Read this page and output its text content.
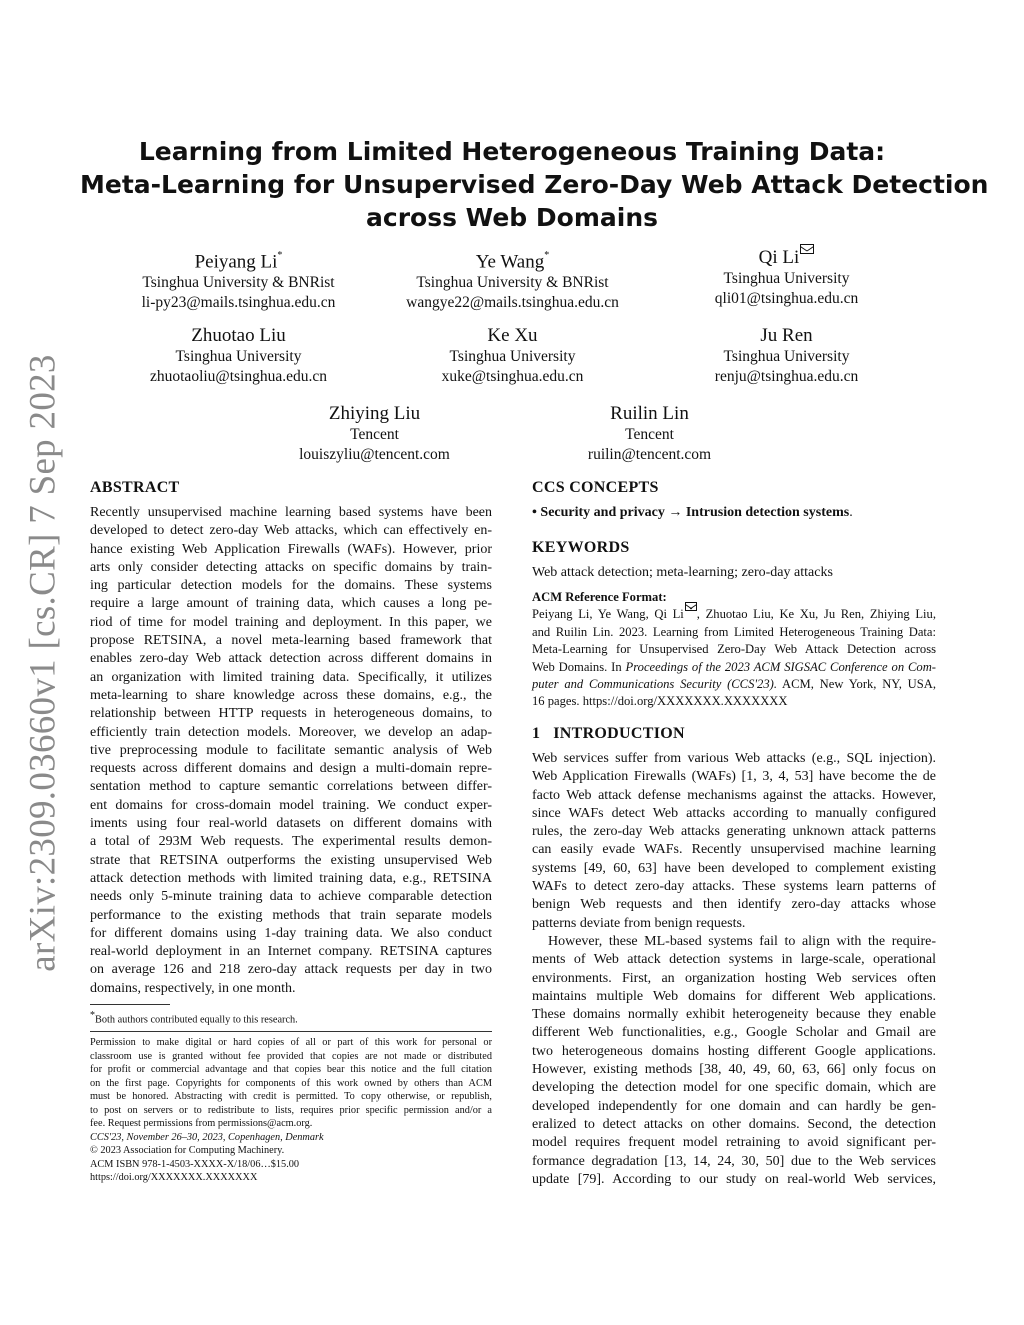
arXiv:2309.03660v1 [cs.CR] 7 Sep 2023
Learning from Limited Heterogeneous Training Data:
Meta-Learning for Unsupervised Zero-Day Web Attack Detection
across Web Domains
Peiyang Li*
Tsinghua University & BNRist
li-py23@mails.tsinghua.edu.cn
Ye Wang*
Tsinghua University & BNRist
wangye22@mails.tsinghua.edu.cn
Qi Li
Tsinghua University
qli01@tsinghua.edu.cn
Zhuotao Liu
Tsinghua University
zhuotaoliu@tsinghua.edu.cn
Ke Xu
Tsinghua University
xuke@tsinghua.edu.cn
Ju Ren
Tsinghua University
renju@tsinghua.edu.cn
Zhiying Liu
Tencent
louiszyliu@tencent.com
Ruilin Lin
Tencent
ruilin@tencent.com
ABSTRACT
Recently unsupervised machine learning based systems have been
developed to detect zero-day Web attacks, which can effectively en-
hance existing Web Application Firewalls (WAFs). However, prior
arts only consider detecting attacks on specific domains by train-
ing particular detection models for the domains. These systems
require a large amount of training data, which causes a long pe-
riod of time for model training and deployment. In this paper, we
propose RETSINA, a novel meta-learning based framework that
enables zero-day Web attack detection across different domains in
an organization with limited training data. Specifically, it utilizes
meta-learning to share knowledge across these domains, e.g., the
relationship between HTTP requests in heterogeneous domains, to
efficiently train detection models. Moreover, we develop an adap-
tive preprocessing module to facilitate semantic analysis of Web
requests across different domains and design a multi-domain repre-
sentation method to capture semantic correlations between differ-
ent domains for cross-domain model training. We conduct exper-
iments using four real-world datasets on different domains with
a total of 293M Web requests. The experimental results demon-
strate that RETSINA outperforms the existing unsupervised Web
attack detection methods with limited training data, e.g., RETSINA
needs only 5-minute training data to achieve comparable detection
performance to the existing methods that train separate models
for different domains using 1-day training data. We also conduct
real-world deployment in an Internet company. RETSINA captures
on average 126 and 218 zero-day attack requests per day in two
domains, respectively, in one month.
*Both authors contributed equally to this research.
Permission to make digital or hard copies of all or part of this work for personal or
classroom use is granted without fee provided that copies are not made or distributed
for profit or commercial advantage and that copies bear this notice and the full citation
on the first page. Copyrights for components of this work owned by others than ACM
must be honored. Abstracting with credit is permitted. To copy otherwise, or republish,
to post on servers or to redistribute to lists, requires prior specific permission and/or a
fee. Request permissions from permissions@acm.org.
CCS'23, November 26–30, 2023, Copenhagen, Denmark
© 2023 Association for Computing Machinery.
ACM ISBN 978-1-4503-XXXX-X/18/06…$15.00
https://doi.org/XXXXXXX.XXXXXXX
CCS CONCEPTS
• Security and privacy → Intrusion detection systems.
KEYWORDS
Web attack detection; meta-learning; zero-day attacks
ACM Reference Format:
Peiyang Li, Ye Wang, Qi Li , Zhuotao Liu, Ke Xu, Ju Ren, Zhiying Liu,
and Ruilin Lin. 2023. Learning from Limited Heterogeneous Training Data:
Meta-Learning for Unsupervised Zero-Day Web Attack Detection across
Web Domains. In Proceedings of the 2023 ACM SIGSAC Conference on Com-
puter and Communications Security (CCS'23). ACM, New York, NY, USA,
16 pages. https://doi.org/XXXXXXX.XXXXXXX
1 INTRODUCTION
Web services suffer from various Web attacks (e.g., SQL injection).
Web Application Firewalls (WAFs) [1, 3, 4, 53] have become the de
facto Web attack defense mechanisms against the attacks. However,
since WAFs detect Web attacks according to manually configured
rules, the zero-day Web attacks generating unknown attack patterns
can easily evade WAFs. Recently unsupervised machine learning
systems [49, 60, 63] have been developed to complement existing
WAFs to detect zero-day attacks. These systems learn patterns of
benign Web requests and then identify zero-day attacks whose
patterns deviate from benign requests.
However, these ML-based systems fail to align with the require-
ments of Web attack detection systems in large-scale, operational
environments. First, an organization hosting Web services often
maintains multiple Web domains for different Web applications.
These domains normally exhibit heterogeneity because they enable
different Web functionalities, e.g., Google Scholar and Gmail are
two heterogeneous domains hosting different Google applications.
However, existing methods [38, 40, 49, 60, 63, 66] only focus on
developing the detection model for one specific domain, which are
developed independently for one domain and can hardly be gen-
eralized to detect attacks on other domains. Second, the detection
model requires frequent model retraining to avoid significant per-
formance degradation [13, 14, 24, 30, 50] due to the Web services
update [79]. According to our study on real-world Web services,
